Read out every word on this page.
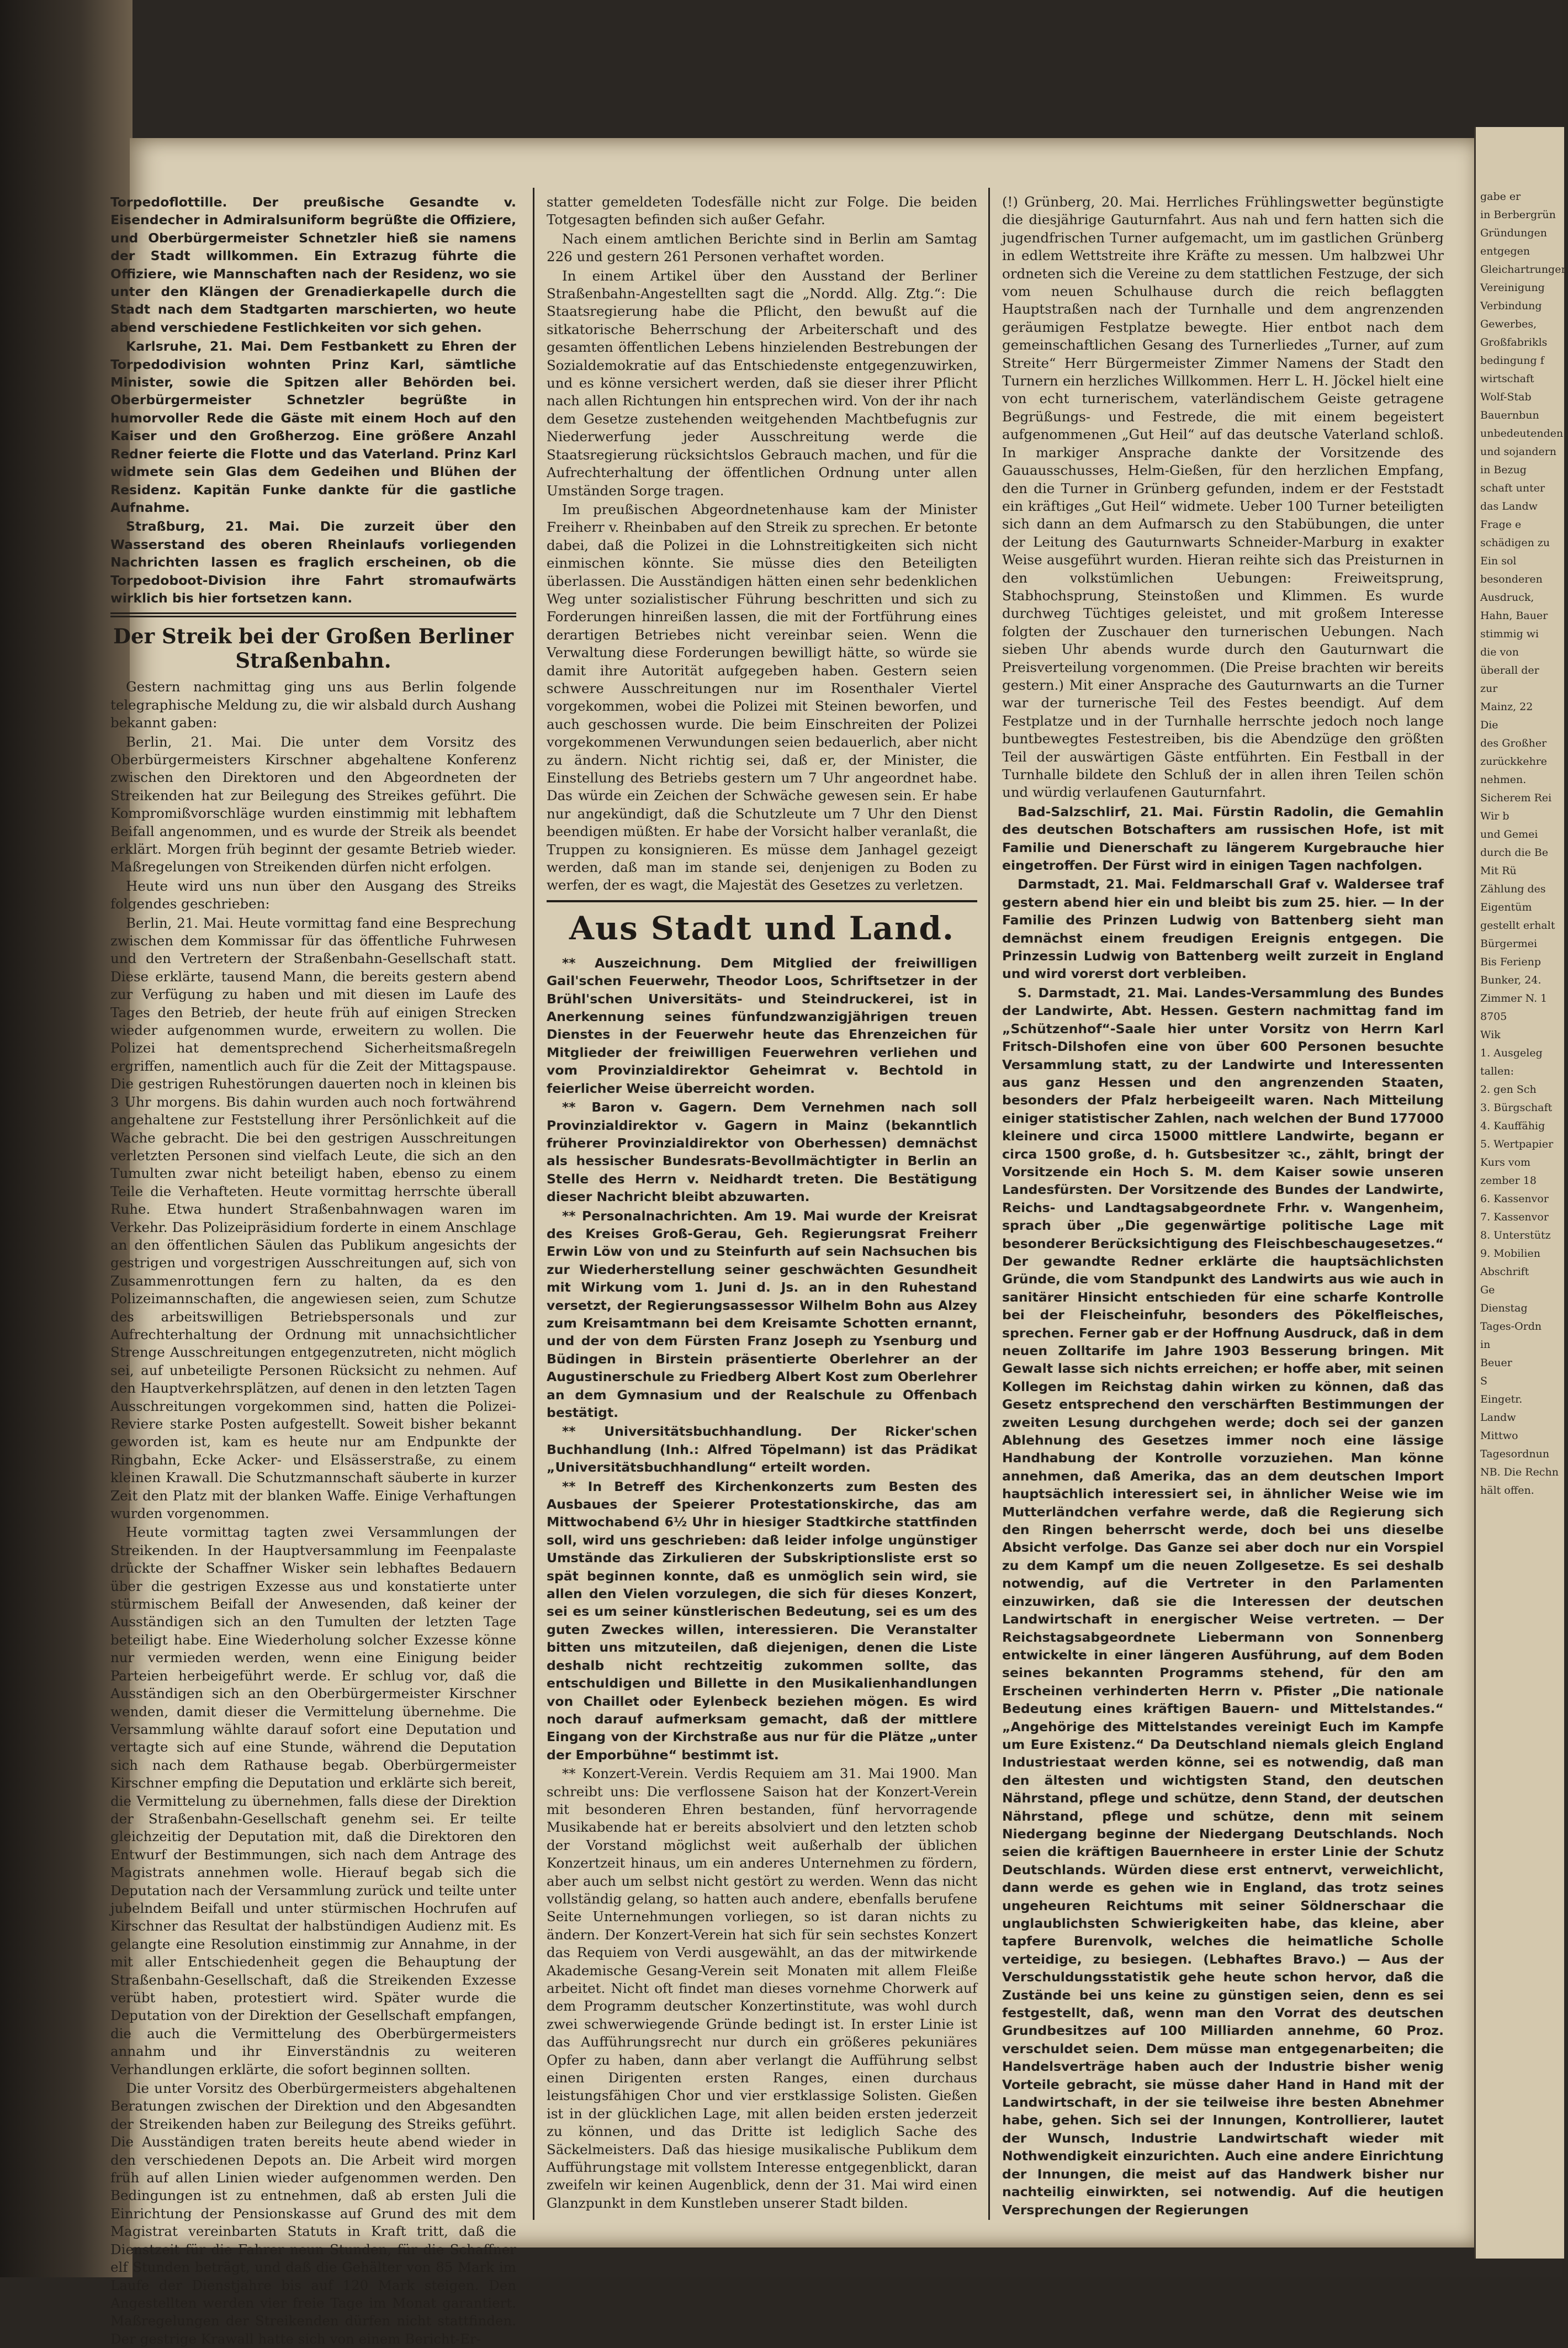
Torpedoflottille. Der preußische Gesandte v. Eisendecher in Admiralsuniform begrüßte die Offiziere, und Oberbürgermeister Schnetzler hieß sie namens der Stadt willkommen. Ein Extrazug führte die Offiziere, wie Mannschaften nach der Residenz, wo sie unter den Klängen der Grenadierkapelle durch die Stadt nach dem Stadtgarten marschierten, wo heute abend verschiedene Festlichkeiten vor sich gehen.

Karlsruhe, 21. Mai. Dem Festbankett zu Ehren der Torpedodivision wohnten Prinz Karl, sämtliche Minister, sowie die Spitzen aller Behörden bei. Oberbürgermeister Schnetzler begrüßte in humorvoller Rede die Gäste mit einem Hoch auf den Kaiser und den Großherzog. Eine größere Anzahl Redner feierte die Flotte und das Vaterland. Prinz Karl widmete sein Glas dem Gedeihen und Blühen der Residenz. Kapitän Funke dankte für die gastliche Aufnahme.

Straßburg, 21. Mai. Die zurzeit über den Wasserstand des oberen Rheinlaufs vorliegenden Nachrichten lassen es fraglich erscheinen, ob die Torpedoboot-Division ihre Fahrt stromaufwärts wirklich bis hier fortsetzen kann.

Der Streik bei der Großen Berliner Straßenbahn.

Gestern nachmittag ging uns aus Berlin folgende telegraphische Meldung zu, die wir alsbald durch Aushang bekannt gaben:

Berlin, 21. Mai. Die unter dem Vorsitz des Oberbürgermeisters Kirschner abgehaltene Konferenz zwischen den Direktoren und den Abgeordneten der Streikenden hat zur Beilegung des Streikes geführt. Die Kompromißvorschläge wurden einstimmig mit lebhaftem Beifall angenommen, und es wurde der Streik als beendet erklärt. Morgen früh beginnt der gesamte Betrieb wieder. Maßregelungen von Streikenden dürfen nicht erfolgen.

Heute wird uns nun über den Ausgang des Streiks folgendes geschrieben:

Berlin, 21. Mai. Heute vormittag fand eine Besprechung zwischen dem Kommissar für das öffentliche Fuhrwesen und den Vertretern der Straßenbahn-Gesellschaft statt. Diese erklärte, tausend Mann, die bereits gestern abend zur Verfügung zu haben und mit diesen im Laufe des Tages den Betrieb, der heute früh auf einigen Strecken wieder aufgenommen wurde, erweitern zu wollen. Die Polizei hat dementsprechend Sicherheitsmaßregeln ergriffen, namentlich auch für die Zeit der Mittagspause. Die gestrigen Ruhestörungen dauerten noch in kleinen bis 3 Uhr morgens. Bis dahin wurden auch noch fortwährend angehaltene zur Feststellung ihrer Persönlichkeit auf die Wache gebracht. Die bei den gestrigen Ausschreitungen verletzten Personen sind vielfach Leute, die sich an den Tumulten zwar nicht beteiligt haben, ebenso zu einem Teile die Verhafteten. Heute vormittag herrschte überall Ruhe. Etwa hundert Straßenbahnwagen waren im Verkehr. Das Polizeipräsidium forderte in einem Anschlage an den öffentlichen Säulen das Publikum angesichts der gestrigen und vorgestrigen Ausschreitungen auf, sich von Zusammenrottungen fern zu halten, da es den Polizeimannschaften, die angewiesen seien, zum Schutze des arbeitswilligen Betriebspersonals und zur Aufrechterhaltung der Ordnung mit unnachsichtlicher Strenge Ausschreitungen entgegenzutreten, nicht möglich sei, auf unbeteiligte Personen Rücksicht zu nehmen. Auf den Hauptverkehrsplätzen, auf denen in den letzten Tagen Ausschreitungen vorgekommen sind, hatten die Polizei-Reviere starke Posten aufgestellt. Soweit bisher bekannt geworden ist, kam es heute nur am Endpunkte der Ringbahn, Ecke Acker- und Elsässerstraße, zu einem kleinen Krawall. Die Schutzmannschaft säuberte in kurzer Zeit den Platz mit der blanken Waffe. Einige Verhaftungen wurden vorgenommen.

Heute vormittag tagten zwei Versammlungen der Streikenden. In der Hauptversammlung im Feenpalaste drückte der Schaffner Wisker sein lebhaftes Bedauern über die gestrigen Exzesse aus und konstatierte unter stürmischem Beifall der Anwesenden, daß keiner der Ausständigen sich an den Tumulten der letzten Tage beteiligt habe. Eine Wiederholung solcher Exzesse könne nur vermieden werden, wenn eine Einigung beider Parteien herbeigeführt werde. Er schlug vor, daß die Ausständigen sich an den Oberbürgermeister Kirschner wenden, damit dieser die Vermittelung übernehme. Die Versammlung wählte darauf sofort eine Deputation und vertagte sich auf eine Stunde, während die Deputation sich nach dem Rathause begab. Oberbürgermeister Kirschner empfing die Deputation und erklärte sich bereit, die Vermittelung zu übernehmen, falls diese der Direktion der Straßenbahn-Gesellschaft genehm sei. Er teilte gleichzeitig der Deputation mit, daß die Direktoren den Entwurf der Bestimmungen, sich nach dem Antrage des Magistrats annehmen wolle. Hierauf begab sich die Deputation nach der Versammlung zurück und teilte unter jubelndem Beifall und unter stürmischen Hochrufen auf Kirschner das Resultat der halbstündigen Audienz mit. Es gelangte eine Resolution einstimmig zur Annahme, in der mit aller Entschiedenheit gegen die Behauptung der Straßenbahn-Gesellschaft, daß die Streikenden Exzesse verübt haben, protestiert wird. Später wurde die Deputation von der Direktion der Gesellschaft empfangen, die auch die Vermittelung des Oberbürgermeisters annahm und ihr Einverständnis zu weiteren Verhandlungen erklärte, die sofort beginnen sollten.

Die unter Vorsitz des Oberbürgermeisters abgehaltenen Beratungen zwischen der Direktion und den Abgesandten der Streikenden haben zur Beilegung des Streiks geführt. Die Ausständigen traten bereits heute abend wieder in den verschiedenen Depots an. Die Arbeit wird morgen früh auf allen Linien wieder aufgenommen werden. Den Bedingungen ist zu entnehmen, daß ab ersten Juli die Einrichtung der Pensionskasse auf Grund des mit dem Magistrat vereinbarten Statuts in Kraft tritt, daß die Dienstzeit für die Fahrer neun Stunden, für die Schaffner elf Stunden beträgt, und daß die Gehälter von 85 Mark im Laufe der Dienstjahre bis auf 120 Mark steigen. Den Angestellten werden vier freie Tage im Monat garantiert. Maßregelungen der Streikenden dürfen nicht stattfinden. Der gestrige Krawall hatte sich von einem Bericht-Er-

statter gemeldeten Todesfälle nicht zur Folge. Die beiden Totgesagten befinden sich außer Gefahr.

Nach einem amtlichen Berichte sind in Berlin am Samtag 226 und gestern 261 Personen verhaftet worden.

In einem Artikel über den Ausstand der Berliner Straßenbahn-Angestellten sagt die „Nordd. Allg. Ztg.“: Die Staatsregierung habe die Pflicht, den bewußt auf die sitkatorische Beherrschung der Arbeiterschaft und des gesamten öffentlichen Lebens hinzielenden Bestrebungen der Sozialdemokratie auf das Entschiedenste entgegenzuwirken, und es könne versichert werden, daß sie dieser ihrer Pflicht nach allen Richtungen hin entsprechen wird. Von der ihr nach dem Gesetze zustehenden weitgehenden Machtbefugnis zur Niederwerfung jeder Ausschreitung werde die Staatsregierung rücksichtslos Gebrauch machen, und für die Aufrechterhaltung der öffentlichen Ordnung unter allen Umständen Sorge tragen.

Im preußischen Abgeordnetenhause kam der Minister Freiherr v. Rheinbaben auf den Streik zu sprechen. Er betonte dabei, daß die Polizei in die Lohnstreitigkeiten sich nicht einmischen könnte. Sie müsse dies den Beteiligten überlassen. Die Ausständigen hätten einen sehr bedenklichen Weg unter sozialistischer Führung beschritten und sich zu Forderungen hinreißen lassen, die mit der Fortführung eines derartigen Betriebes nicht vereinbar seien. Wenn die Verwaltung diese Forderungen bewilligt hätte, so würde sie damit ihre Autorität aufgegeben haben. Gestern seien schwere Ausschreitungen nur im Rosenthaler Viertel vorgekommen, wobei die Polizei mit Steinen beworfen, und auch geschossen wurde. Die beim Einschreiten der Polizei vorgekommenen Verwundungen seien bedauerlich, aber nicht zu ändern. Nicht richtig sei, daß er, der Minister, die Einstellung des Betriebs gestern um 7 Uhr angeordnet habe. Das würde ein Zeichen der Schwäche gewesen sein. Er habe nur angekündigt, daß die Schutzleute um 7 Uhr den Dienst beendigen müßten. Er habe der Vorsicht halber veranlaßt, die Truppen zu konsignieren. Es müsse dem Janhagel gezeigt werden, daß man im stande sei, denjenigen zu Boden zu werfen, der es wagt, die Majestät des Gesetzes zu verletzen.

Aus Stadt und Land.

** Auszeichnung. Dem Mitglied der freiwilligen Gail'schen Feuerwehr, Theodor Loos, Schriftsetzer in der Brühl'schen Universitäts- und Steindruckerei, ist in Anerkennung seines fünfundzwanzigjährigen treuen Dienstes in der Feuerwehr heute das Ehrenzeichen für Mitglieder der freiwilligen Feuerwehren verliehen und vom Provinzialdirektor Geheimrat v. Bechtold in feierlicher Weise überreicht worden.

** Baron v. Gagern. Dem Vernehmen nach soll Provinzialdirektor v. Gagern in Mainz (bekanntlich früherer Provinzialdirektor von Oberhessen) demnächst als hessischer Bundesrats-Bevollmächtigter in Berlin an Stelle des Herrn v. Neidhardt treten. Die Bestätigung dieser Nachricht bleibt abzuwarten.

** Personalnachrichten. Am 19. Mai wurde der Kreisrat des Kreises Groß-Gerau, Geh. Regierungsrat Freiherr Erwin Löw von und zu Steinfurth auf sein Nachsuchen bis zur Wiederherstellung seiner geschwächten Gesundheit mit Wirkung vom 1. Juni d. Js. an in den Ruhestand versetzt, der Regierungsassessor Wilhelm Bohn aus Alzey zum Kreisamtmann bei dem Kreisamte Schotten ernannt, und der von dem Fürsten Franz Joseph zu Ysenburg und Büdingen in Birstein präsentierte Oberlehrer an der Augustinerschule zu Friedberg Albert Kost zum Oberlehrer an dem Gymnasium und der Realschule zu Offenbach bestätigt.

** Universitätsbuchhandlung. Der Ricker'schen Buchhandlung (Inh.: Alfred Töpelmann) ist das Prädikat „Universitätsbuchhandlung“ erteilt worden.

** In Betreff des Kirchenkonzerts zum Besten des Ausbaues der Speierer Protestationskirche, das am Mittwochabend 6½ Uhr in hiesiger Stadtkirche stattfinden soll, wird uns geschrieben: daß leider infolge ungünstiger Umstände das Zirkulieren der Subskriptionsliste erst so spät beginnen konnte, daß es unmöglich sein wird, sie allen den Vielen vorzulegen, die sich für dieses Konzert, sei es um seiner künstlerischen Bedeutung, sei es um des guten Zweckes willen, interessieren. Die Veranstalter bitten uns mitzuteilen, daß diejenigen, denen die Liste deshalb nicht rechtzeitig zukommen sollte, das entschuldigen und Billette in den Musikalienhandlungen von Chaillet oder Eylenbeck beziehen mögen. Es wird noch darauf aufmerksam gemacht, daß der mittlere Eingang von der Kirchstraße aus nur für die Plätze „unter der Emporbühne“ bestimmt ist.

** Konzert-Verein. Verdis Requiem am 31. Mai 1900. Man schreibt uns: Die verflossene Saison hat der Konzert-Verein mit besonderen Ehren bestanden, fünf hervorragende Musikabende hat er bereits absolviert und den letzten schob der Vorstand möglichst weit außerhalb der üblichen Konzertzeit hinaus, um ein anderes Unternehmen zu fördern, aber auch um selbst nicht gestört zu werden. Wenn das nicht vollständig gelang, so hatten auch andere, ebenfalls berufene Seite Unternehmungen vorliegen, so ist daran nichts zu ändern. Der Konzert-Verein hat sich für sein sechstes Konzert das Requiem von Verdi ausgewählt, an das der mitwirkende Akademische Gesang-Verein seit Monaten mit allem Fleiße arbeitet. Nicht oft findet man dieses vornehme Chorwerk auf dem Programm deutscher Konzertinstitute, was wohl durch zwei schwerwiegende Gründe bedingt ist. In erster Linie ist das Aufführungsrecht nur durch ein größeres pekuniäres Opfer zu haben, dann aber verlangt die Aufführung selbst einen Dirigenten ersten Ranges, einen durchaus leistungsfähigen Chor und vier erstklassige Solisten. Gießen ist in der glücklichen Lage, mit allen beiden ersten jederzeit zu können, und das Dritte ist lediglich Sache des Säckelmeisters. Daß das hiesige musikalische Publikum dem Aufführungstage mit vollstem Interesse entgegenblickt, daran zweifeln wir keinen Augenblick, denn der 31. Mai wird einen Glanzpunkt in dem Kunstleben unserer Stadt bilden.

(!) Grünberg, 20. Mai. Herrliches Frühlingswetter begünstigte die diesjährige Gauturnfahrt. Aus nah und fern hatten sich die jugendfrischen Turner aufgemacht, um im gastlichen Grünberg in edlem Wettstreite ihre Kräfte zu messen. Um halbzwei Uhr ordneten sich die Vereine zu dem stattlichen Festzuge, der sich vom neuen Schulhause durch die reich beflaggten Hauptstraßen nach der Turnhalle und dem angrenzenden geräumigen Festplatze bewegte. Hier entbot nach dem gemeinschaftlichen Gesang des Turnerliedes „Turner, auf zum Streite“ Herr Bürgermeister Zimmer Namens der Stadt den Turnern ein herzliches Willkommen. Herr L. H. Jöckel hielt eine von echt turnerischem, vaterländischem Geiste getragene Begrüßungs- und Festrede, die mit einem begeistert aufgenommenen „Gut Heil“ auf das deutsche Vaterland schloß. In markiger Ansprache dankte der Vorsitzende des Gauausschusses, Helm-Gießen, für den herzlichen Empfang, den die Turner in Grünberg gefunden, indem er der Feststadt ein kräftiges „Gut Heil“ widmete. Ueber 100 Turner beteiligten sich dann an dem Aufmarsch zu den Stabübungen, die unter der Leitung des Gauturnwarts Schneider-Marburg in exakter Weise ausgeführt wurden. Hieran reihte sich das Preisturnen in den volkstümlichen Uebungen: Freiweitsprung, Stabhochsprung, Steinstoßen und Klimmen. Es wurde durchweg Tüchtiges geleistet, und mit großem Interesse folgten der Zuschauer den turnerischen Uebungen. Nach sieben Uhr abends wurde durch den Gauturnwart die Preisverteilung vorgenommen. (Die Preise brachten wir bereits gestern.) Mit einer Ansprache des Gauturnwarts an die Turner war der turnerische Teil des Festes beendigt. Auf dem Festplatze und in der Turnhalle herrschte jedoch noch lange buntbewegtes Festestreiben, bis die Abendzüge den größten Teil der auswärtigen Gäste entführten. Ein Festball in der Turnhalle bildete den Schluß der in allen ihren Teilen schön und würdig verlaufenen Gauturnfahrt.

Bad-Salzschlirf, 21. Mai. Fürstin Radolin, die Gemahlin des deutschen Botschafters am russischen Hofe, ist mit Familie und Dienerschaft zu längerem Kurgebrauche hier eingetroffen. Der Fürst wird in einigen Tagen nachfolgen.

Darmstadt, 21. Mai. Feldmarschall Graf v. Waldersee traf gestern abend hier ein und bleibt bis zum 25. hier. — In der Familie des Prinzen Ludwig von Battenberg sieht man demnächst einem freudigen Ereignis entgegen. Die Prinzessin Ludwig von Battenberg weilt zurzeit in England und wird vorerst dort verbleiben.

S. Darmstadt, 21. Mai. Landes-Versammlung des Bundes der Landwirte, Abt. Hessen. Gestern nachmittag fand im „Schützenhof“-Saale hier unter Vorsitz von Herrn Karl Fritsch-Dilshofen eine von über 600 Personen besuchte Versammlung statt, zu der Landwirte und Interessenten aus ganz Hessen und den angrenzenden Staaten, besonders der Pfalz herbeigeeilt waren. Nach Mitteilung einiger statistischer Zahlen, nach welchen der Bund 177000 kleinere und circa 15000 mittlere Landwirte, begann er circa 1500 große, d. h. Gutsbesitzer ꝛc., zählt, bringt der Vorsitzende ein Hoch S. M. dem Kaiser sowie unseren Landesfürsten. Der Vorsitzende des Bundes der Landwirte, Reichs- und Landtagsabgeordnete Frhr. v. Wangenheim, sprach über „Die gegenwärtige politische Lage mit besonderer Berücksichtigung des Fleischbeschaugesetzes.“ Der gewandte Redner erklärte die hauptsächlichsten Gründe, die vom Standpunkt des Landwirts aus wie auch in sanitärer Hinsicht entschieden für eine scharfe Kontrolle bei der Fleischeinfuhr, besonders des Pökelfleisches, sprechen. Ferner gab er der Hoffnung Ausdruck, daß in dem neuen Zolltarife im Jahre 1903 Besserung bringen. Mit Gewalt lasse sich nichts erreichen; er hoffe aber, mit seinen Kollegen im Reichstag dahin wirken zu können, daß das Gesetz entsprechend den verschärften Bestimmungen der zweiten Lesung durchgehen werde; doch sei der ganzen Ablehnung des Gesetzes immer noch eine lässige Handhabung der Kontrolle vorzuziehen. Man könne annehmen, daß Amerika, das an dem deutschen Import hauptsächlich interessiert sei, in ähnlicher Weise wie im Mutterländchen verfahre werde, daß die Regierung sich den Ringen beherrscht werde, doch bei uns dieselbe Absicht verfolge. Das Ganze sei aber doch nur ein Vorspiel zu dem Kampf um die neuen Zollgesetze. Es sei deshalb notwendig, auf die Vertreter in den Parlamenten einzuwirken, daß sie die Interessen der deutschen Landwirtschaft in energischer Weise vertreten. — Der Reichstagsabgeordnete Liebermann von Sonnenberg entwickelte in einer längeren Ausführung, auf dem Boden seines bekannten Programms stehend, für den am Erscheinen verhinderten Herrn v. Pfister „Die nationale Bedeutung eines kräftigen Bauern- und Mittelstandes.“ „Angehörige des Mittelstandes vereinigt Euch im Kampfe um Eure Existenz.“ Da Deutschland niemals gleich England Industriestaat werden könne, sei es notwendig, daß man den ältesten und wichtigsten Stand, den deutschen Nährstand, pflege und schütze, denn Stand, der deutschen Nährstand, pflege und schütze, denn mit seinem Niedergang beginne der Niedergang Deutschlands. Noch seien die kräftigen Bauernheere in erster Linie der Schutz Deutschlands. Würden diese erst entnervt, verweichlicht, dann werde es gehen wie in England, das trotz seines ungeheuren Reichtums mit seiner Söldnerschaar die unglaublichsten Schwierigkeiten habe, das kleine, aber tapfere Burenvolk, welches die heimatliche Scholle verteidige, zu besiegen. (Lebhaftes Bravo.) — Aus der Verschuldungsstatistik gehe heute schon hervor, daß die Zustände bei uns keine zu günstigen seien, denn es sei festgestellt, daß, wenn man den Vorrat des deutschen Grundbesitzes auf 100 Milliarden annehme, 60 Proz. verschuldet seien. Dem müsse man entgegenarbeiten; die Handelsverträge haben auch der Industrie bisher wenig Vorteile gebracht, sie müsse daher Hand in Hand mit der Landwirtschaft, in der sie teilweise ihre besten Abnehmer habe, gehen. Sich sei der Innungen, Kontrollierer, lautet der Wunsch, Industrie Landwirtschaft wieder mit Nothwendigkeit einzurichten. Auch eine andere Einrichtung der Innungen, die meist auf das Handwerk bisher nur nachteilig einwirkten, sei notwendig. Auf die heutigen Versprechungen der Regierungen

gabe er
in Berbergrün
Gründungen
entgegen
Gleichartrungen
Vereinigung
Verbindung
Gewerbes,
Großfabrikls
bedingung f
wirtschaft
Wolf-Stab
Bauernbun
unbedeutenden
und sojandern
in Bezug
schaft unter
das Landw
Frage e
schädigen zu
Ein sol
besonderen
Ausdruck,
Hahn, Bauer
stimmig wi
die von
überall der
zur
Mainz, 22
Die
des Großher
zurückkehre
nehmen.
Sicherem Rei
Wir b
und Gemei
durch die Be
Mit Rü
Zählung des
Eigentüm
gestellt erhalt
Bürgermei
Bis Ferienp
Bunker, 24.
Zimmer N. 1
8705
Wik
1. Ausgeleg
tallen:
2. gen Sch
3. Bürgschaft
4. Kauffähig
5. Wertpapier
Kurs vom
zember 18
6. Kassenvor
7. Kassenvor
8. Unterstütz
9. Mobilien
Abschrift
Ge
Dienstag
Tages-Ordn
in
Beuer
S
Eingetr.
Landw
Mittwo
Tagesordnun
NB. Die Rechn
hält offen.
